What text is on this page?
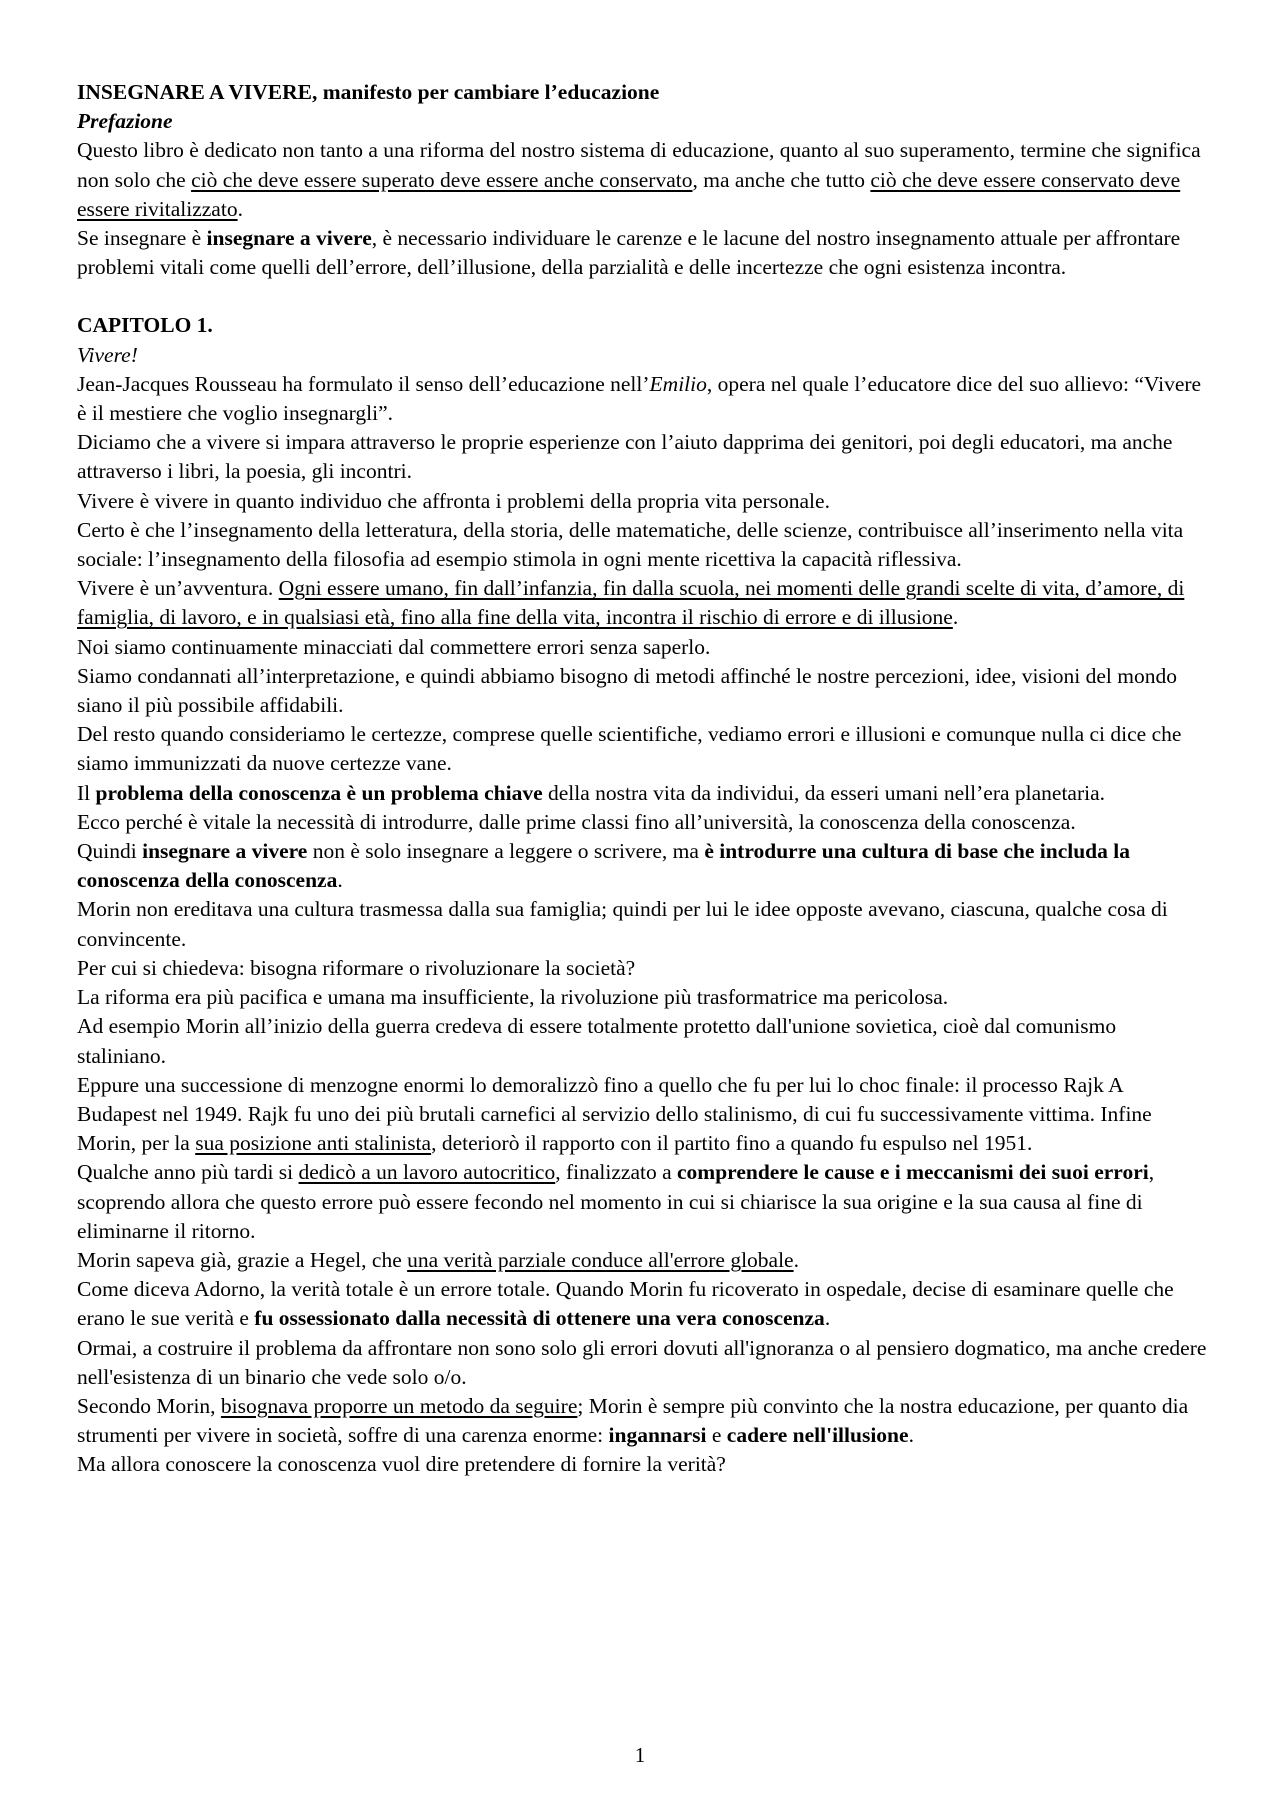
INSEGNARE A VIVERE, manifesto per cambiare l’educazione

Prefazione

Questo libro è dedicato non tanto a una riforma del nostro sistema di educazione, quanto al suo superamento, termine che significa non solo che ciò che deve essere superato deve essere anche conservato, ma anche che tutto ciò che deve essere conservato deve essere rivitalizzato.

Se insegnare è insegnare a vivere, è necessario individuare le carenze e le lacune del nostro insegnamento attuale per affrontare problemi vitali come quelli dell’errore, dell’illusione, della parzialità e delle incertezze che ogni esistenza incontra.

CAPITOLO 1.

Vivere!

Jean-Jacques Rousseau ha formulato il senso dell’educazione nell’Emilio, opera nel quale l’educatore dice del suo allievo: “Vivere è il mestiere che voglio insegnargli”.

Diciamo che a vivere si impara attraverso le proprie esperienze con l’aiuto dapprima dei genitori, poi degli educatori, ma anche attraverso i libri, la poesia, gli incontri.

Vivere è vivere in quanto individuo che affronta i problemi della propria vita personale.

Certo è che l’insegnamento della letteratura, della storia, delle matematiche, delle scienze, contribuisce all’inserimento nella vita sociale: l’insegnamento della filosofia ad esempio stimola in ogni mente ricettiva la capacità riflessiva.

Vivere è un’avventura. Ogni essere umano, fin dall’infanzia, fin dalla scuola, nei momenti delle grandi scelte di vita, d’amore, di famiglia, di lavoro, e in qualsiasi età, fino alla fine della vita, incontra il rischio di errore e di illusione.

Noi siamo continuamente minacciati dal commettere errori senza saperlo.

Siamo condannati all’interpretazione, e quindi abbiamo bisogno di metodi affinché le nostre percezioni, idee, visioni del mondo siano il più possibile affidabili.

Del resto quando consideriamo le certezze, comprese quelle scientifiche, vediamo errori e illusioni e comunque nulla ci dice che siamo immunizzati da nuove certezze vane.

Il problema della conoscenza è un problema chiave della nostra vita da individui, da esseri umani nell’era planetaria.

Ecco perché è vitale la necessità di introdurre, dalle prime classi fino all’università, la conoscenza della conoscenza.

Quindi insegnare a vivere non è solo insegnare a leggere o scrivere, ma è introdurre una cultura di base che includa la conoscenza della conoscenza.

Morin non ereditava una cultura trasmessa dalla sua famiglia; quindi per lui le idee opposte avevano, ciascuna, qualche cosa di convincente.

Per cui si chiedeva: bisogna riformare o rivoluzionare la società?

La riforma era più pacifica e umana ma insufficiente, la rivoluzione più trasformatrice ma pericolosa.

Ad esempio Morin all’inizio della guerra credeva di essere totalmente protetto dall'unione sovietica, cioè dal comunismo staliniano.

Eppure una successione di menzogne enormi lo demoralizzò fino a quello che fu per lui lo choc finale: il processo Rajk A Budapest nel 1949. Rajk fu uno dei più brutali carnefici al servizio dello stalinismo, di cui fu successivamente vittima. Infine Morin, per la sua posizione anti stalinista, deteriorò il rapporto con il partito fino a quando fu espulso nel 1951.

Qualche anno più tardi si dedicò a un lavoro autocritico, finalizzato a comprendere le cause e i meccanismi dei suoi errori, scoprendo allora che questo errore può essere fecondo nel momento in cui si chiarisce la sua origine e la sua causa al fine di eliminarne il ritorno.

Morin sapeva già, grazie a Hegel, che una verità parziale conduce all'errore globale.

Come diceva Adorno, la verità totale è un errore totale. Quando Morin fu ricoverato in ospedale, decise di esaminare quelle che erano le sue verità e fu ossessionato dalla necessità di ottenere una vera conoscenza.

Ormai, a costruire il problema da affrontare non sono solo gli errori dovuti all'ignoranza o al pensiero dogmatico, ma anche credere nell'esistenza di un binario che vede solo o/o.

Secondo Morin, bisognava proporre un metodo da seguire; Morin è sempre più convinto che la nostra educazione, per quanto dia strumenti per vivere in società, soffre di una carenza enorme: ingannarsi e cadere nell'illusione.

Ma allora conoscere la conoscenza vuol dire pretendere di fornire la verità?

1
